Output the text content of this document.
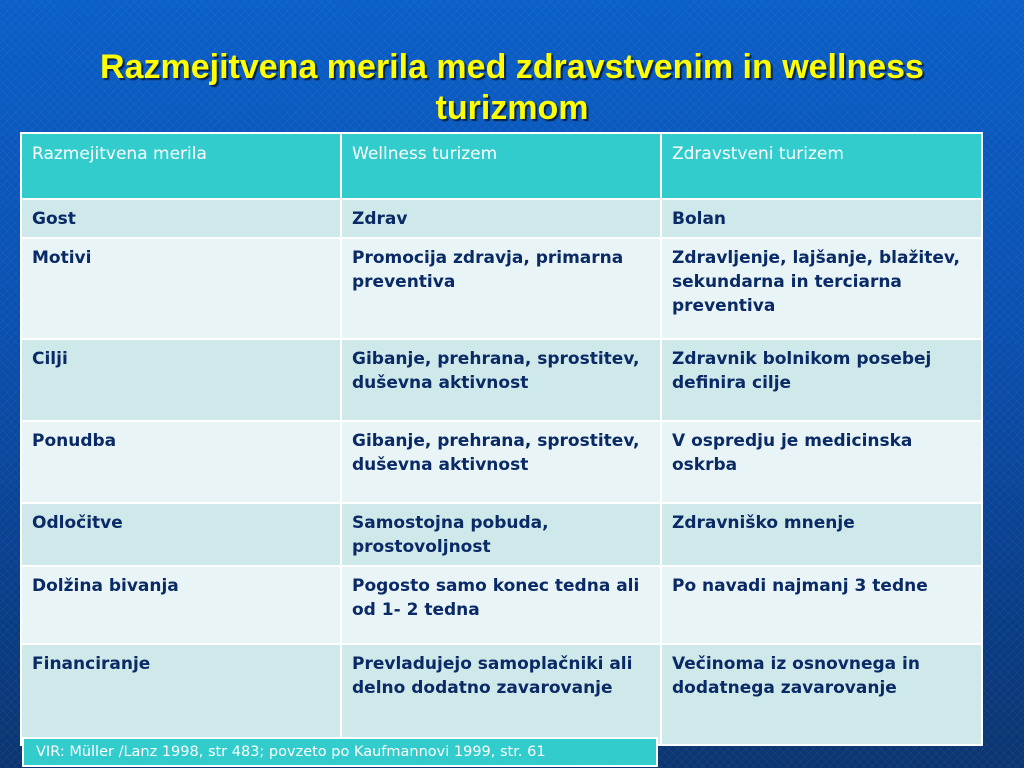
Razmejitvena merila med zdravstvenim in wellness
turizmom
Razmejitvena merila	Wellness turizem	Zdravstveni turizem
Gost	Zdrav	Bolan
Motivi	Promocija zdravja, primarna preventiva	Zdravljenje, lajšanje, blažitev, sekundarna in terciarna preventiva
Cilji	Gibanje, prehrana, sprostitev, duševna aktivnost	Zdravnik bolnikom posebej definira cilje
Ponudba	Gibanje, prehrana, sprostitev, duševna aktivnost	V ospredju je medicinska oskrba
Odločitve	Samostojna pobuda, prostovoljnost	Zdravniško mnenje
Dolžina bivanja	Pogosto samo konec tedna ali od 1- 2 tedna	Po navadi najmanj 3 tedne
Financiranje	Prevladujejo samoplačniki ali delno dodatno zavarovanje	Večinoma iz osnovnega in dodatnega zavarovanje
VIR: Müller /Lanz 1998, str 483; povzeto po Kaufmannovi 1999, str. 61
